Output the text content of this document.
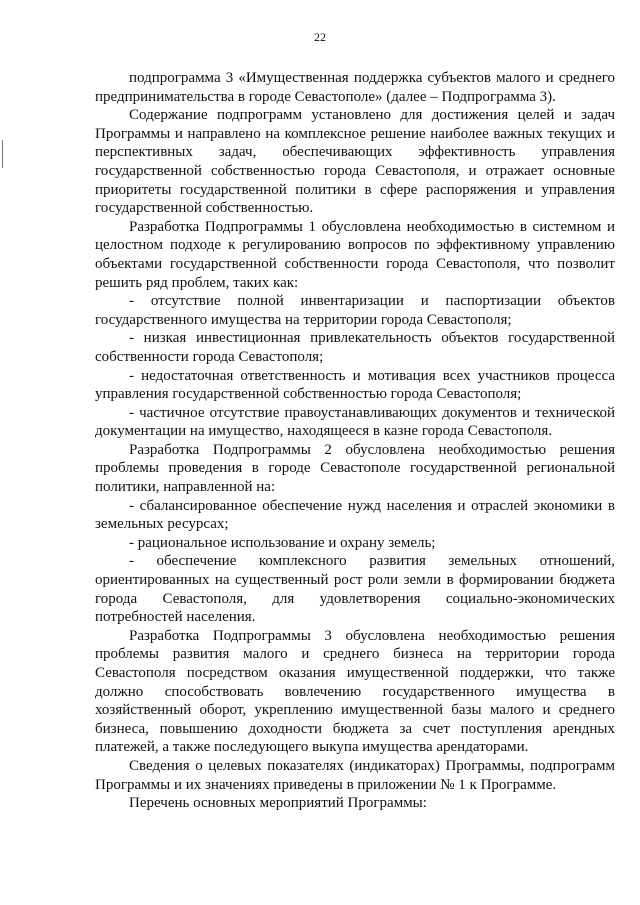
22

подпрограмма 3 «Имущественная поддержка субъектов малого и среднего предпринимательства в городе Севастополе» (далее – Подпрограмма 3).

Содержание подпрограмм установлено для достижения целей и задач Программы и направлено на комплексное решение наиболее важных текущих и перспективных задач, обеспечивающих эффективность управления государственной собственностью города Севастополя, и отражает основные приоритеты государственной политики в сфере распоряжения и управления государственной собственностью.

Разработка Подпрограммы 1 обусловлена необходимостью в системном и целостном подходе к регулированию вопросов по эффективному управлению объектами государственной собственности города Севастополя, что позволит решить ряд проблем, таких как:

- отсутствие полной инвентаризации и паспортизации объектов государственного имущества на территории города Севастополя;

- низкая инвестиционная привлекательность объектов государственной собственности города Севастополя;

- недостаточная ответственность и мотивация всех участников процесса управления государственной собственностью города Севастополя;

- частичное отсутствие правоустанавливающих документов и технической документации на имущество, находящееся в казне города Севастополя.

Разработка Подпрограммы 2 обусловлена необходимостью решения проблемы проведения в городе Севастополе государственной региональной политики, направленной на:

- сбалансированное обеспечение нужд населения и отраслей экономики в земельных ресурсах;

- рациональное использование и охрану земель;

- обеспечение комплексного развития земельных отношений, ориентированных на существенный рост роли земли в формировании бюджета города Севастополя, для удовлетворения социально-экономических потребностей населения.

Разработка Подпрограммы 3 обусловлена необходимостью решения проблемы развития малого и среднего бизнеса на территории города Севастополя посредством оказания имущественной поддержки, что также должно способствовать вовлечению государственного имущества в хозяйственный оборот, укреплению имущественной базы малого и среднего бизнеса, повышению доходности бюджета за счет поступления арендных платежей, а также последующего выкупа имущества арендаторами.

Сведения о целевых показателях (индикаторах) Программы, подпрограмм Программы и их значениях приведены в приложении № 1 к Программе.

Перечень основных мероприятий Программы:
